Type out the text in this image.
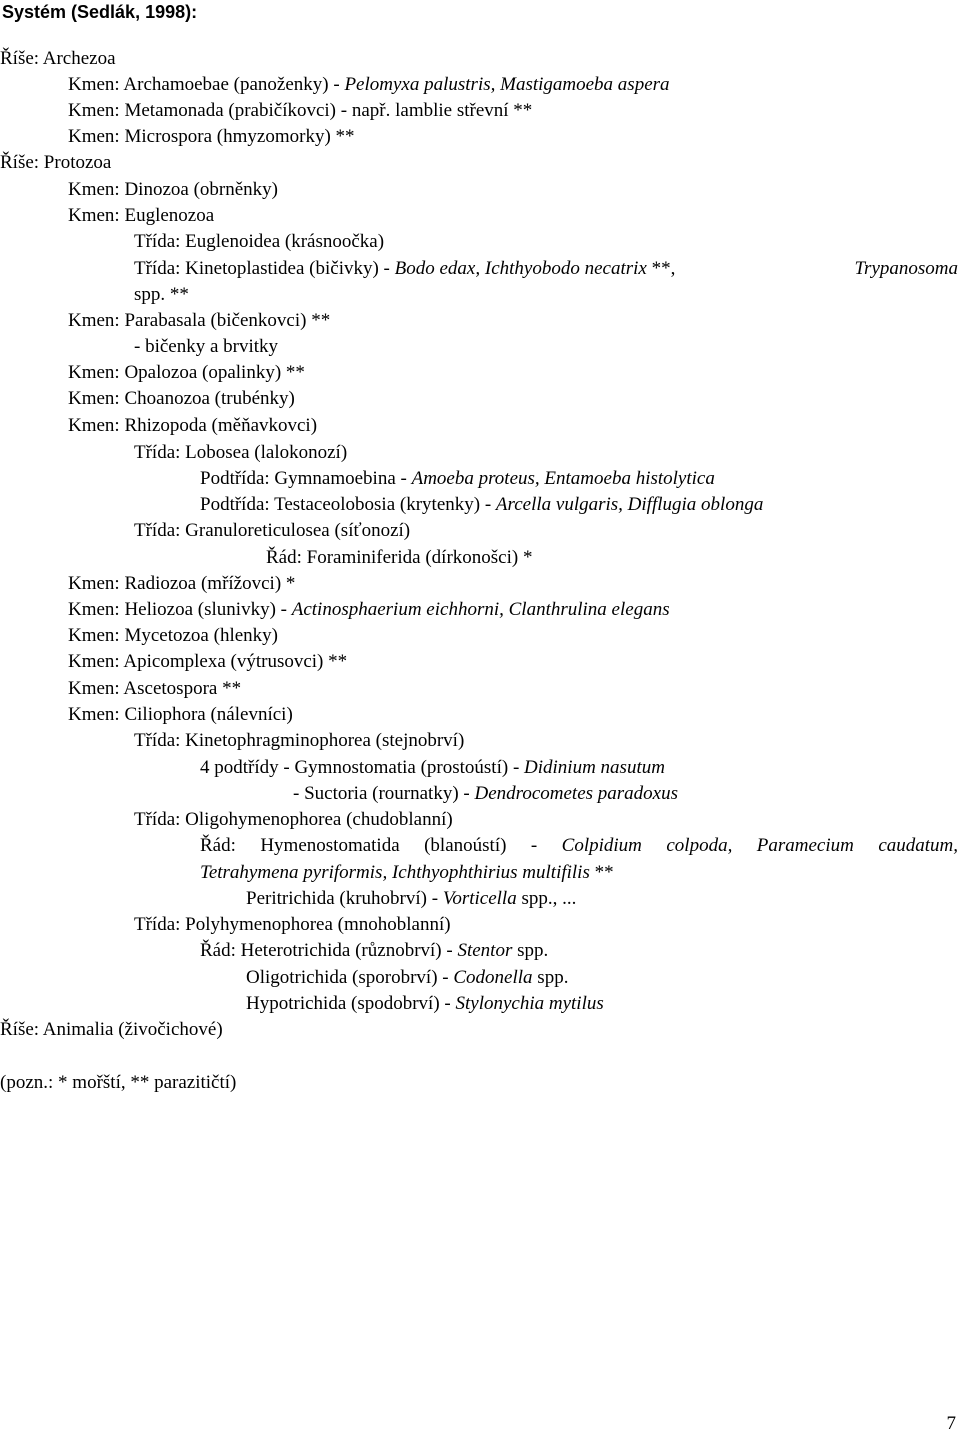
Systém (Sedlák, 1998):
Říše: Archezoa
Kmen: Archamoebae (panoženky) - Pelomyxa palustris, Mastigamoeba aspera
Kmen: Metamonada (prabičíkovci) - např. lamblie střevní **
Kmen: Microspora (hmyzomorky) **
Říše: Protozoa
Kmen: Dinozoa (obrněnky)
Kmen: Euglenozoa
Třída: Euglenoidea (krásnoočka)
Třída: Kinetoplastidea (bičivky) - Bodo edax, Ichthyobodo necatrix **,	Trypanosoma
spp. **
Kmen: Parabasala (bičenkovci) **
- bičenky a brvitky
Kmen: Opalozoa (opalinky) **
Kmen: Choanozoa (trubénky)
Kmen: Rhizopoda (měňavkovci)
Třída: Lobosea (lalokonozí)
Podtřída: Gymnamoebina - Amoeba proteus, Entamoeba histolytica
Podtřída: Testaceolobosia (krytenky) - Arcella vulgaris, Difflugia oblonga
Třída: Granuloreticulosea (síťonozí)
Řád: Foraminiferida (dírkonošci) *
Kmen: Radiozoa (mřížovci) *
Kmen: Heliozoa (slunivky) - Actinosphaerium eichhorni, Clanthrulina elegans
Kmen: Mycetozoa (hlenky)
Kmen: Apicomplexa (výtrusovci) **
Kmen: Ascetospora **
Kmen: Ciliophora (nálevníci)
Třída: Kinetophragminophorea (stejnobrví)
4 podtřídy - Gymnostomatia (prostoústí) - Didinium nasutum
- Suctoria (rournatky) - Dendrocometes paradoxus
Třída: Oligohymenophorea (chudoblanní)
Řád: Hymenostomatida (blanoústí) - Colpidium colpoda, Paramecium caudatum,
Tetrahymena pyriformis, Ichthyophthirius multifilis **
Peritrichida (kruhobrví) - Vorticella spp., ...
Třída: Polyhymenophorea (mnohoblanní)
Řád: Heterotrichida (různobrví) - Stentor spp.
Oligotrichida (sporobrví) - Codonella spp.
Hypotrichida (spodobrví) - Stylonychia mytilus
Říše: Animalia (živočichové)
(pozn.: * mořští, ** parazitičtí)
7
